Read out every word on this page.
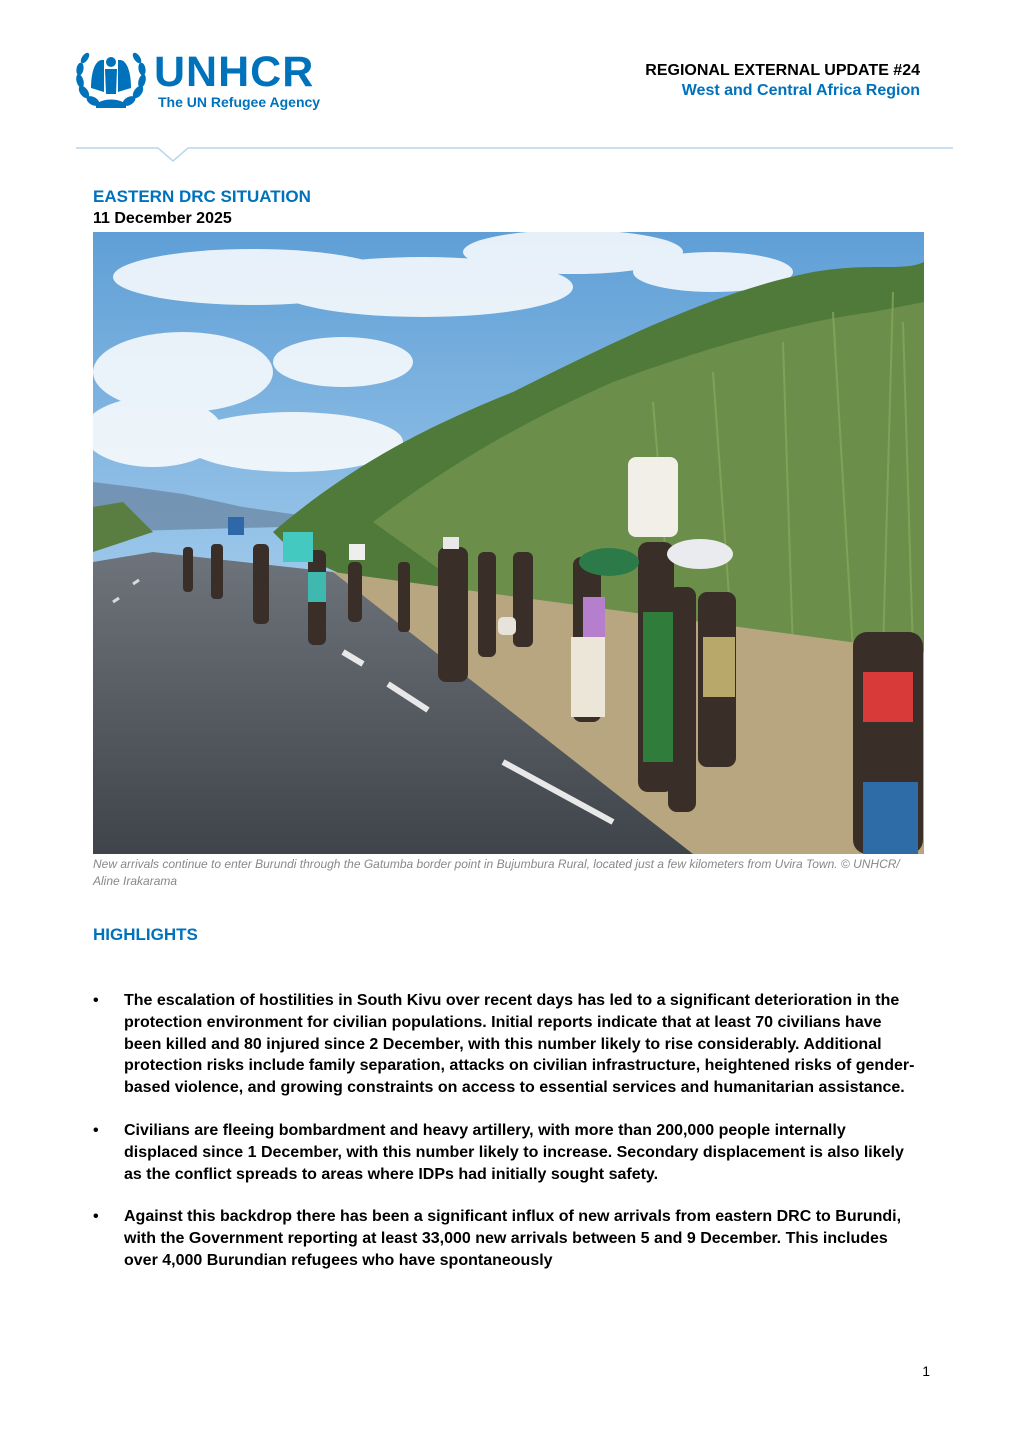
UNHCR
The UN Refugee Agency
REGIONAL EXTERNAL UPDATE #24
West and Central Africa Region
EASTERN DRC SITUATION
11 December 2025
New arrivals continue to enter Burundi through the Gatumba border point in Bujumbura Rural, located just a few kilometers from Uvira Town. © UNHCR/ Aline Irakarama
HIGHLIGHTS
• The escalation of hostilities in South Kivu over recent days has led to a significant deterioration in the protection environment for civilian populations. Initial reports indicate that at least 70 civilians have been killed and 80 injured since 2 December, with this number likely to rise considerably. Additional protection risks include family separation, attacks on civilian infrastructure, heightened risks of gender-based violence, and growing constraints on access to essential services and humanitarian assistance.
• Civilians are fleeing bombardment and heavy artillery, with more than 200,000 people internally displaced since 1 December, with this number likely to increase. Secondary displacement is also likely as the conflict spreads to areas where IDPs had initially sought safety.
• Against this backdrop there has been a significant influx of new arrivals from eastern DRC to Burundi, with the Government reporting at least 33,000 new arrivals between 5 and 9 December. This includes over 4,000 Burundian refugees who have spontaneously
1
